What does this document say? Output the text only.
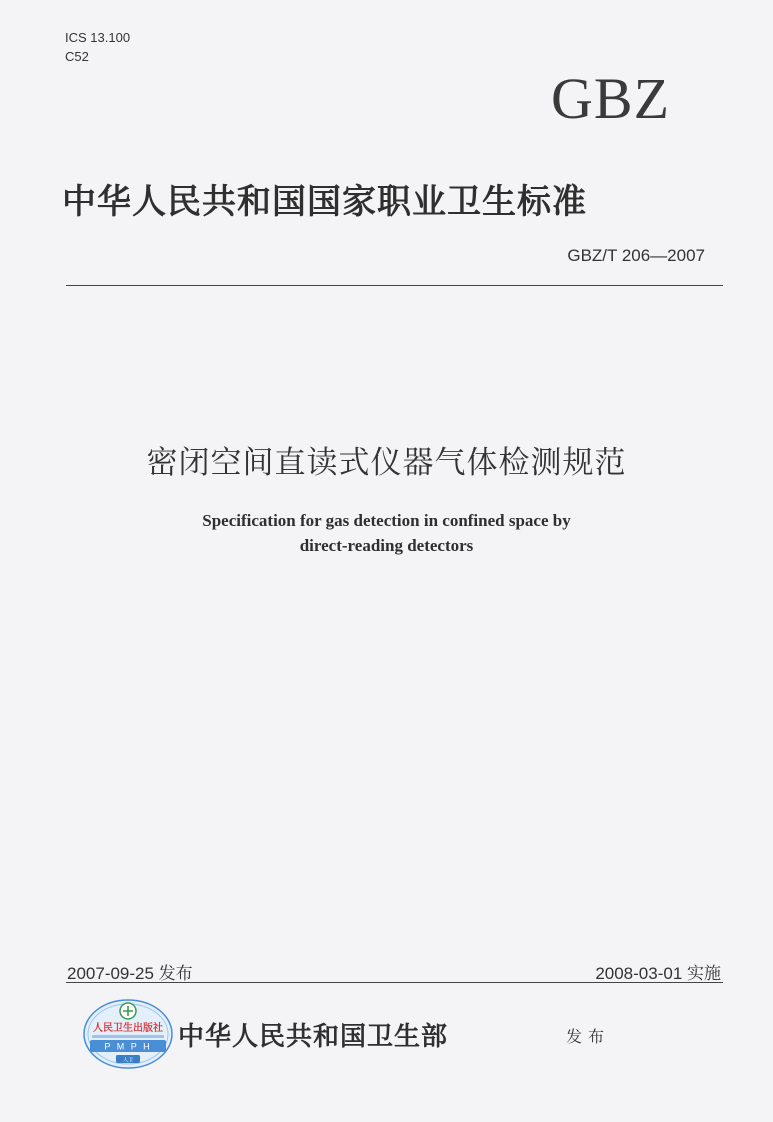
ICS 13.100
C52
GBZ
中华人民共和国国家职业卫生标准
GBZ/T 206—2007
密闭空间直读式仪器气体检测规范
Specification for gas detection in confined space by
direct-reading detectors
2007-09-25 发布	2008-03-01 实施
人民卫生出版社
P M P H
人卫
中华人民共和国卫生部	发布
